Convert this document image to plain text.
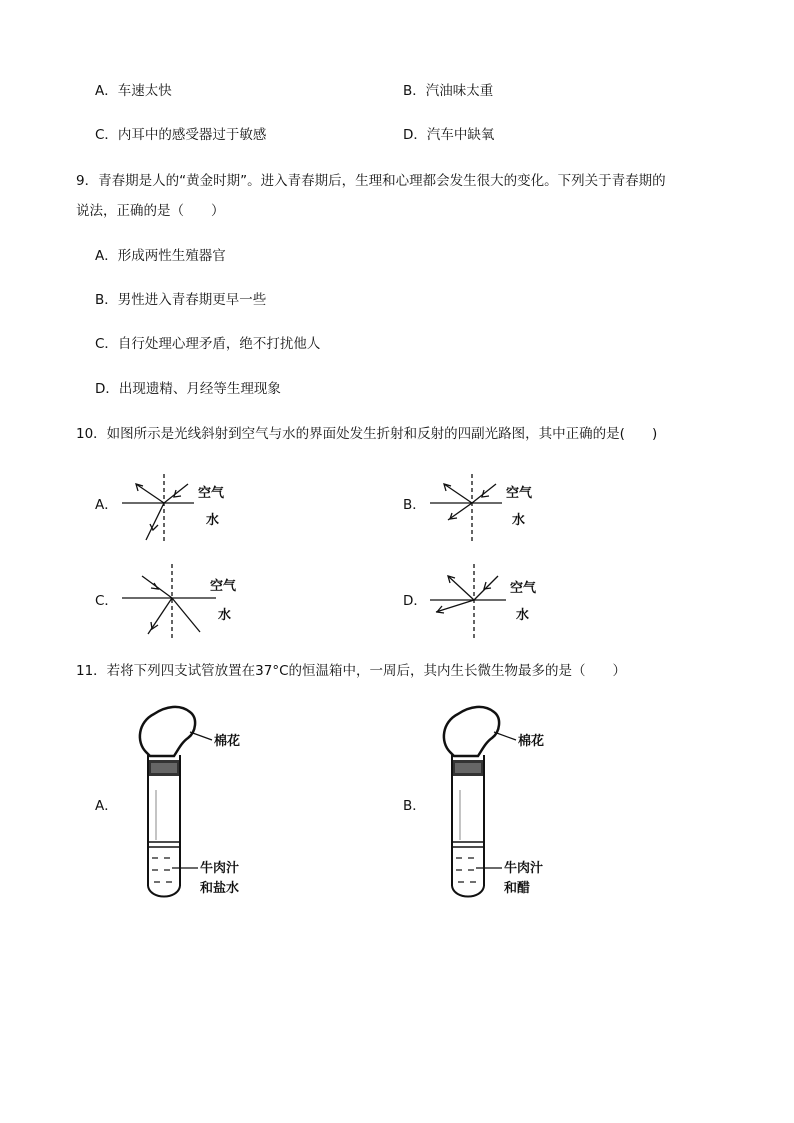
A．车速太快	B．汽油味太重
C．内耳中的感受器过于敏感	D．汽车中缺氧
9．青春期是人的“黄金时期”。进入青春期后，生理和心理都会发生很大的变化。下列关于青春期的
说法，正确的是（　　）
A．形成两性生殖器官
B．男性进入青春期更早一些
C．自行处理心理矛盾，绝不打扰他人
D．出现遗精、月经等生理现象
10．如图所示是光线斜射到空气与水的界面处发生折射和反射的四副光路图，其中正确的是(　　)
A．
空气
水
B．
空气
水
C．
空气
水
D．
空气
水
11．若将下列四支试管放置在37°C的恒温箱中，一周后，其内生长微生物最多的是（　　）
A．
棉花
牛肉汁
和盐水
B．
棉花
牛肉汁
和醋
